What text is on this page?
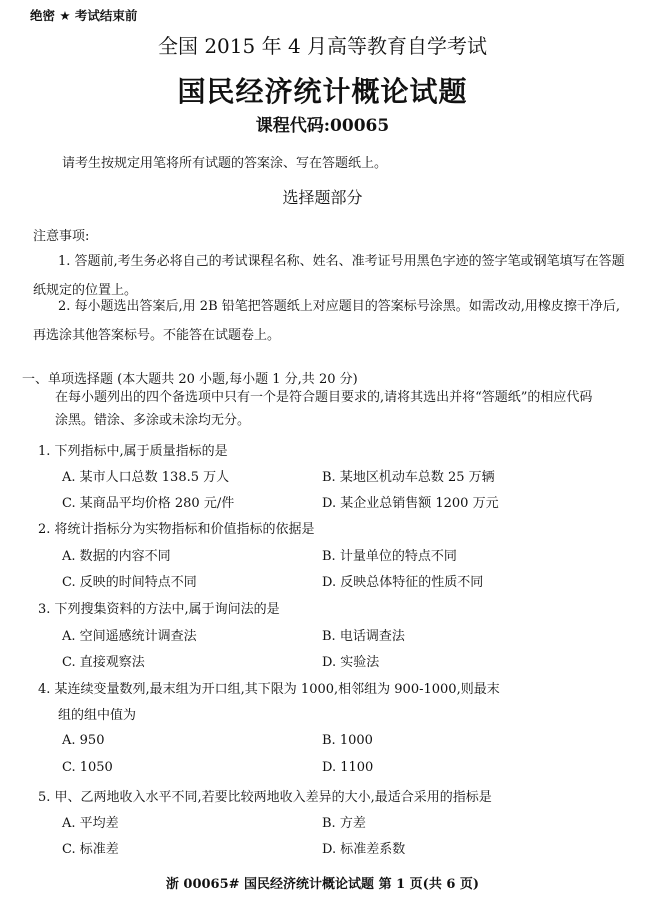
绝密 ★ 考试结束前
全国 2015 年 4 月高等教育自学考试
国民经济统计概论试题
课程代码:00065
请考生按规定用笔将所有试题的答案涂、写在答题纸上。
选择题部分
注意事项:
1. 答题前,考生务必将自己的考试课程名称、姓名、准考证号用黑色字迹的签字笔或钢笔填写在答题纸规定的位置上。
2. 每小题选出答案后,用 2B 铅笔把答题纸上对应题目的答案标号涂黑。如需改动,用橡皮擦干净后,再选涂其他答案标号。不能答在试题卷上。
一、单项选择题 (本大题共 20 小题,每小题 1 分,共 20 分)
在每小题列出的四个备选项中只有一个是符合题目要求的,请将其选出并将“答题纸”的相应代码涂黑。错涂、多涂或未涂均无分。
1. 下列指标中,属于质量指标的是
A. 某市人口总数 138.5 万人	B. 某地区机动车总数 25 万辆
C. 某商品平均价格 280 元/件	D. 某企业总销售额 1200 万元
2. 将统计指标分为实物指标和价值指标的依据是
A. 数据的内容不同	B. 计量单位的特点不同
C. 反映的时间特点不同	D. 反映总体特征的性质不同
3. 下列搜集资料的方法中,属于询问法的是
A. 空间遥感统计调查法	B. 电话调查法
C. 直接观察法	D. 实验法
4. 某连续变量数列,最末组为开口组,其下限为 1000,相邻组为 900-1000,则最末
组的组中值为
A. 950	B. 1000
C. 1050	D. 1100
5. 甲、乙两地收入水平不同,若要比较两地收入差异的大小,最适合采用的指标是
A. 平均差	B. 方差
C. 标准差	D. 标准差系数
浙 00065# 国民经济统计概论试题 第 1 页(共 6 页)
